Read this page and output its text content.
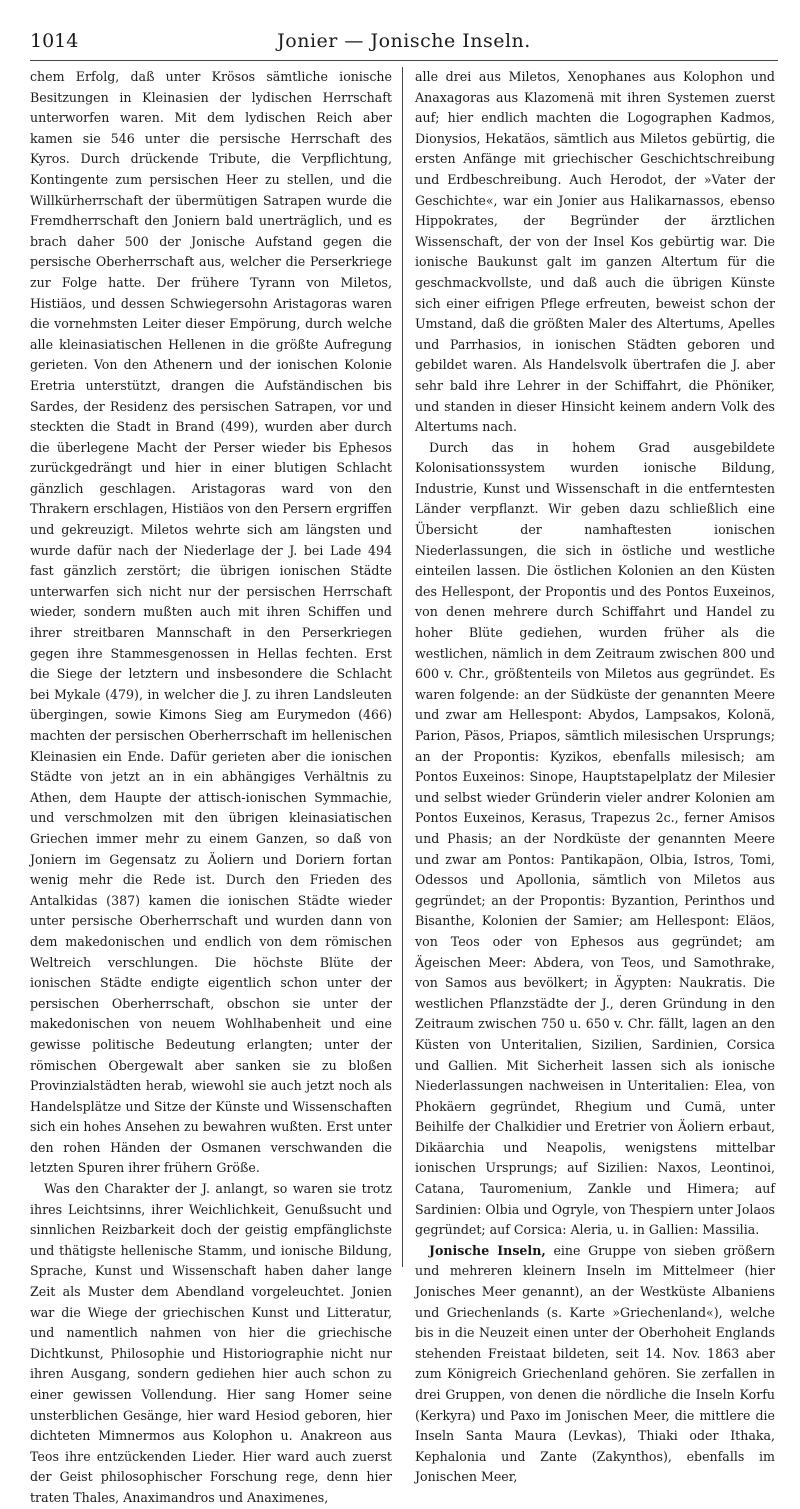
1014	Jonier — Jonische Inseln.

chem Erfolg, daß unter Krösos sämtliche ionische Besitzungen in Kleinasien der lydischen Herrschaft unterworfen waren. Mit dem lydischen Reich aber kamen sie 546 unter die persische Herrschaft des Kyros. Durch drückende Tribute, die Verpflichtung, Kontingente zum persischen Heer zu stellen, und die Willkürherrschaft der übermütigen Satrapen wurde die Fremdherrschaft den Joniern bald unerträglich, und es brach daher 500 der Jonische Aufstand gegen die persische Oberherrschaft aus, welcher die Perserkriege zur Folge hatte. Der frühere Tyrann von Miletos, Histiäos, und dessen Schwiegersohn Aristagoras waren die vornehmsten Leiter dieser Empörung, durch welche alle kleinasiatischen Hellenen in die größte Aufregung gerieten. Von den Athenern und der ionischen Kolonie Eretria unterstützt, drangen die Aufständischen bis Sardes, der Residenz des persischen Satrapen, vor und steckten die Stadt in Brand (499), wurden aber durch die überlegene Macht der Perser wieder bis Ephesos zurückgedrängt und hier in einer blutigen Schlacht gänzlich geschlagen. Aristagoras ward von den Thrakern erschlagen, Histiäos von den Persern ergriffen und gekreuzigt. Miletos wehrte sich am längsten und wurde dafür nach der Niederlage der J. bei Lade 494 fast gänzlich zerstört; die übrigen ionischen Städte unterwarfen sich nicht nur der persischen Herrschaft wieder, sondern mußten auch mit ihren Schiffen und ihrer streitbaren Mannschaft in den Perserkriegen gegen ihre Stammesgenossen in Hellas fechten. Erst die Siege der letztern und insbesondere die Schlacht bei Mykale (479), in welcher die J. zu ihren Landsleuten übergingen, sowie Kimons Sieg am Eurymedon (466) machten der persischen Oberherrschaft im hellenischen Kleinasien ein Ende. Dafür gerieten aber die ionischen Städte von jetzt an in ein abhängiges Verhältnis zu Athen, dem Haupte der attisch-ionischen Symmachie, und verschmolzen mit den übrigen kleinasiatischen Griechen immer mehr zu einem Ganzen, so daß von Joniern im Gegensatz zu Äoliern und Doriern fortan wenig mehr die Rede ist. Durch den Frieden des Antalkidas (387) kamen die ionischen Städte wieder unter persische Oberherrschaft und wurden dann von dem makedonischen und endlich von dem römischen Weltreich verschlungen. Die höchste Blüte der ionischen Städte endigte eigentlich schon unter der persischen Oberherrschaft, obschon sie unter der makedonischen von neuem Wohlhabenheit und eine gewisse politische Bedeutung erlangten; unter der römischen Obergewalt aber sanken sie zu bloßen Provinzialstädten herab, wiewohl sie auch jetzt noch als Handelsplätze und Sitze der Künste und Wissenschaften sich ein hohes Ansehen zu bewahren wußten. Erst unter den rohen Händen der Osmanen verschwanden die letzten Spuren ihrer frühern Größe.

Was den Charakter der J. anlangt, so waren sie trotz ihres Leichtsinns, ihrer Weichlichkeit, Genußsucht und sinnlichen Reizbarkeit doch der geistig empfänglichste und thätigste hellenische Stamm, und ionische Bildung, Sprache, Kunst und Wissenschaft haben daher lange Zeit als Muster dem Abendland vorgeleuchtet. Jonien war die Wiege der griechischen Kunst und Litteratur, und namentlich nahmen von hier die griechische Dichtkunst, Philosophie und Historiographie nicht nur ihren Ausgang, sondern gediehen hier auch schon zu einer gewissen Vollendung. Hier sang Homer seine unsterblichen Gesänge, hier ward Hesiod geboren, hier dichteten Mimnermos aus Kolophon u. Anakreon aus Teos ihre entzückenden Lieder. Hier ward auch zuerst der Geist philosophischer Forschung rege, denn hier traten Thales, Anaximandros und Anaximenes,

alle drei aus Miletos, Xenophanes aus Kolophon und Anaxagoras aus Klazomenä mit ihren Systemen zuerst auf; hier endlich machten die Logographen Kadmos, Dionysios, Hekatäos, sämtlich aus Miletos gebürtig, die ersten Anfänge mit griechischer Geschichtschreibung und Erdbeschreibung. Auch Herodot, der »Vater der Geschichte«, war ein Jonier aus Halikarnassos, ebenso Hippokrates, der Begründer der ärztlichen Wissenschaft, der von der Insel Kos gebürtig war. Die ionische Baukunst galt im ganzen Altertum für die geschmackvollste, und daß auch die übrigen Künste sich einer eifrigen Pflege erfreuten, beweist schon der Umstand, daß die größten Maler des Altertums, Apelles und Parrhasios, in ionischen Städten geboren und gebildet waren. Als Handelsvolk übertrafen die J. aber sehr bald ihre Lehrer in der Schiffahrt, die Phöniker, und standen in dieser Hinsicht keinem andern Volk des Altertums nach.

Durch das in hohem Grad ausgebildete Kolonisationssystem wurden ionische Bildung, Industrie, Kunst und Wissenschaft in die entferntesten Länder verpflanzt. Wir geben dazu schließlich eine Übersicht der namhaftesten ionischen Niederlassungen, die sich in östliche und westliche einteilen lassen. Die östlichen Kolonien an den Küsten des Hellespont, der Propontis und des Pontos Euxeinos, von denen mehrere durch Schiffahrt und Handel zu hoher Blüte gediehen, wurden früher als die westlichen, nämlich in dem Zeitraum zwischen 800 und 600 v. Chr., größtenteils von Miletos aus gegründet. Es waren folgende: an der Südküste der genannten Meere und zwar am Hellespont: Abydos, Lampsakos, Kolonä, Parion, Päsos, Priapos, sämtlich milesischen Ursprungs; an der Propontis: Kyzikos, ebenfalls milesisch; am Pontos Euxeinos: Sinope, Hauptstapelplatz der Milesier und selbst wieder Gründerin vieler andrer Kolonien am Pontos Euxeinos, Kerasus, Trapezus 2c., ferner Amisos und Phasis; an der Nordküste der genannten Meere und zwar am Pontos: Pantikapäon, Olbia, Istros, Tomi, Odessos und Apollonia, sämtlich von Miletos aus gegründet; an der Propontis: Byzantion, Perinthos und Bisanthe, Kolonien der Samier; am Hellespont: Eläos, von Teos oder von Ephesos aus gegründet; am Ägeischen Meer: Abdera, von Teos, und Samothrake, von Samos aus bevölkert; in Ägypten: Naukratis. Die westlichen Pflanzstädte der J., deren Gründung in den Zeitraum zwischen 750 u. 650 v. Chr. fällt, lagen an den Küsten von Unteritalien, Sizilien, Sardinien, Corsica und Gallien. Mit Sicherheit lassen sich als ionische Niederlassungen nachweisen in Unteritalien: Elea, von Phokäern gegründet, Rhegium und Cumä, unter Beihilfe der Chalkidier und Eretrier von Äoliern erbaut, Dikäarchia und Neapolis, wenigstens mittelbar ionischen Ursprungs; auf Sizilien: Naxos, Leontinoi, Catana, Tauromenium, Zankle und Himera; auf Sardinien: Olbia und Ogryle, von Thespiern unter Jolaos gegründet; auf Corsica: Aleria, u. in Gallien: Massilia.

Jonische Inseln, eine Gruppe von sieben größern und mehreren kleinern Inseln im Mittelmeer (hier Jonisches Meer genannt), an der Westküste Albaniens und Griechenlands (s. Karte »Griechenland«), welche bis in die Neuzeit einen unter der Oberhoheit Englands stehenden Freistaat bildeten, seit 14. Nov. 1863 aber zum Königreich Griechenland gehören. Sie zerfallen in drei Gruppen, von denen die nördliche die Inseln Korfu (Kerkyra) und Paxo im Jonischen Meer, die mittlere die Inseln Santa Maura (Levkas), Thiaki oder Ithaka, Kephalonia und Zante (Zakynthos), ebenfalls im Jonischen Meer,
